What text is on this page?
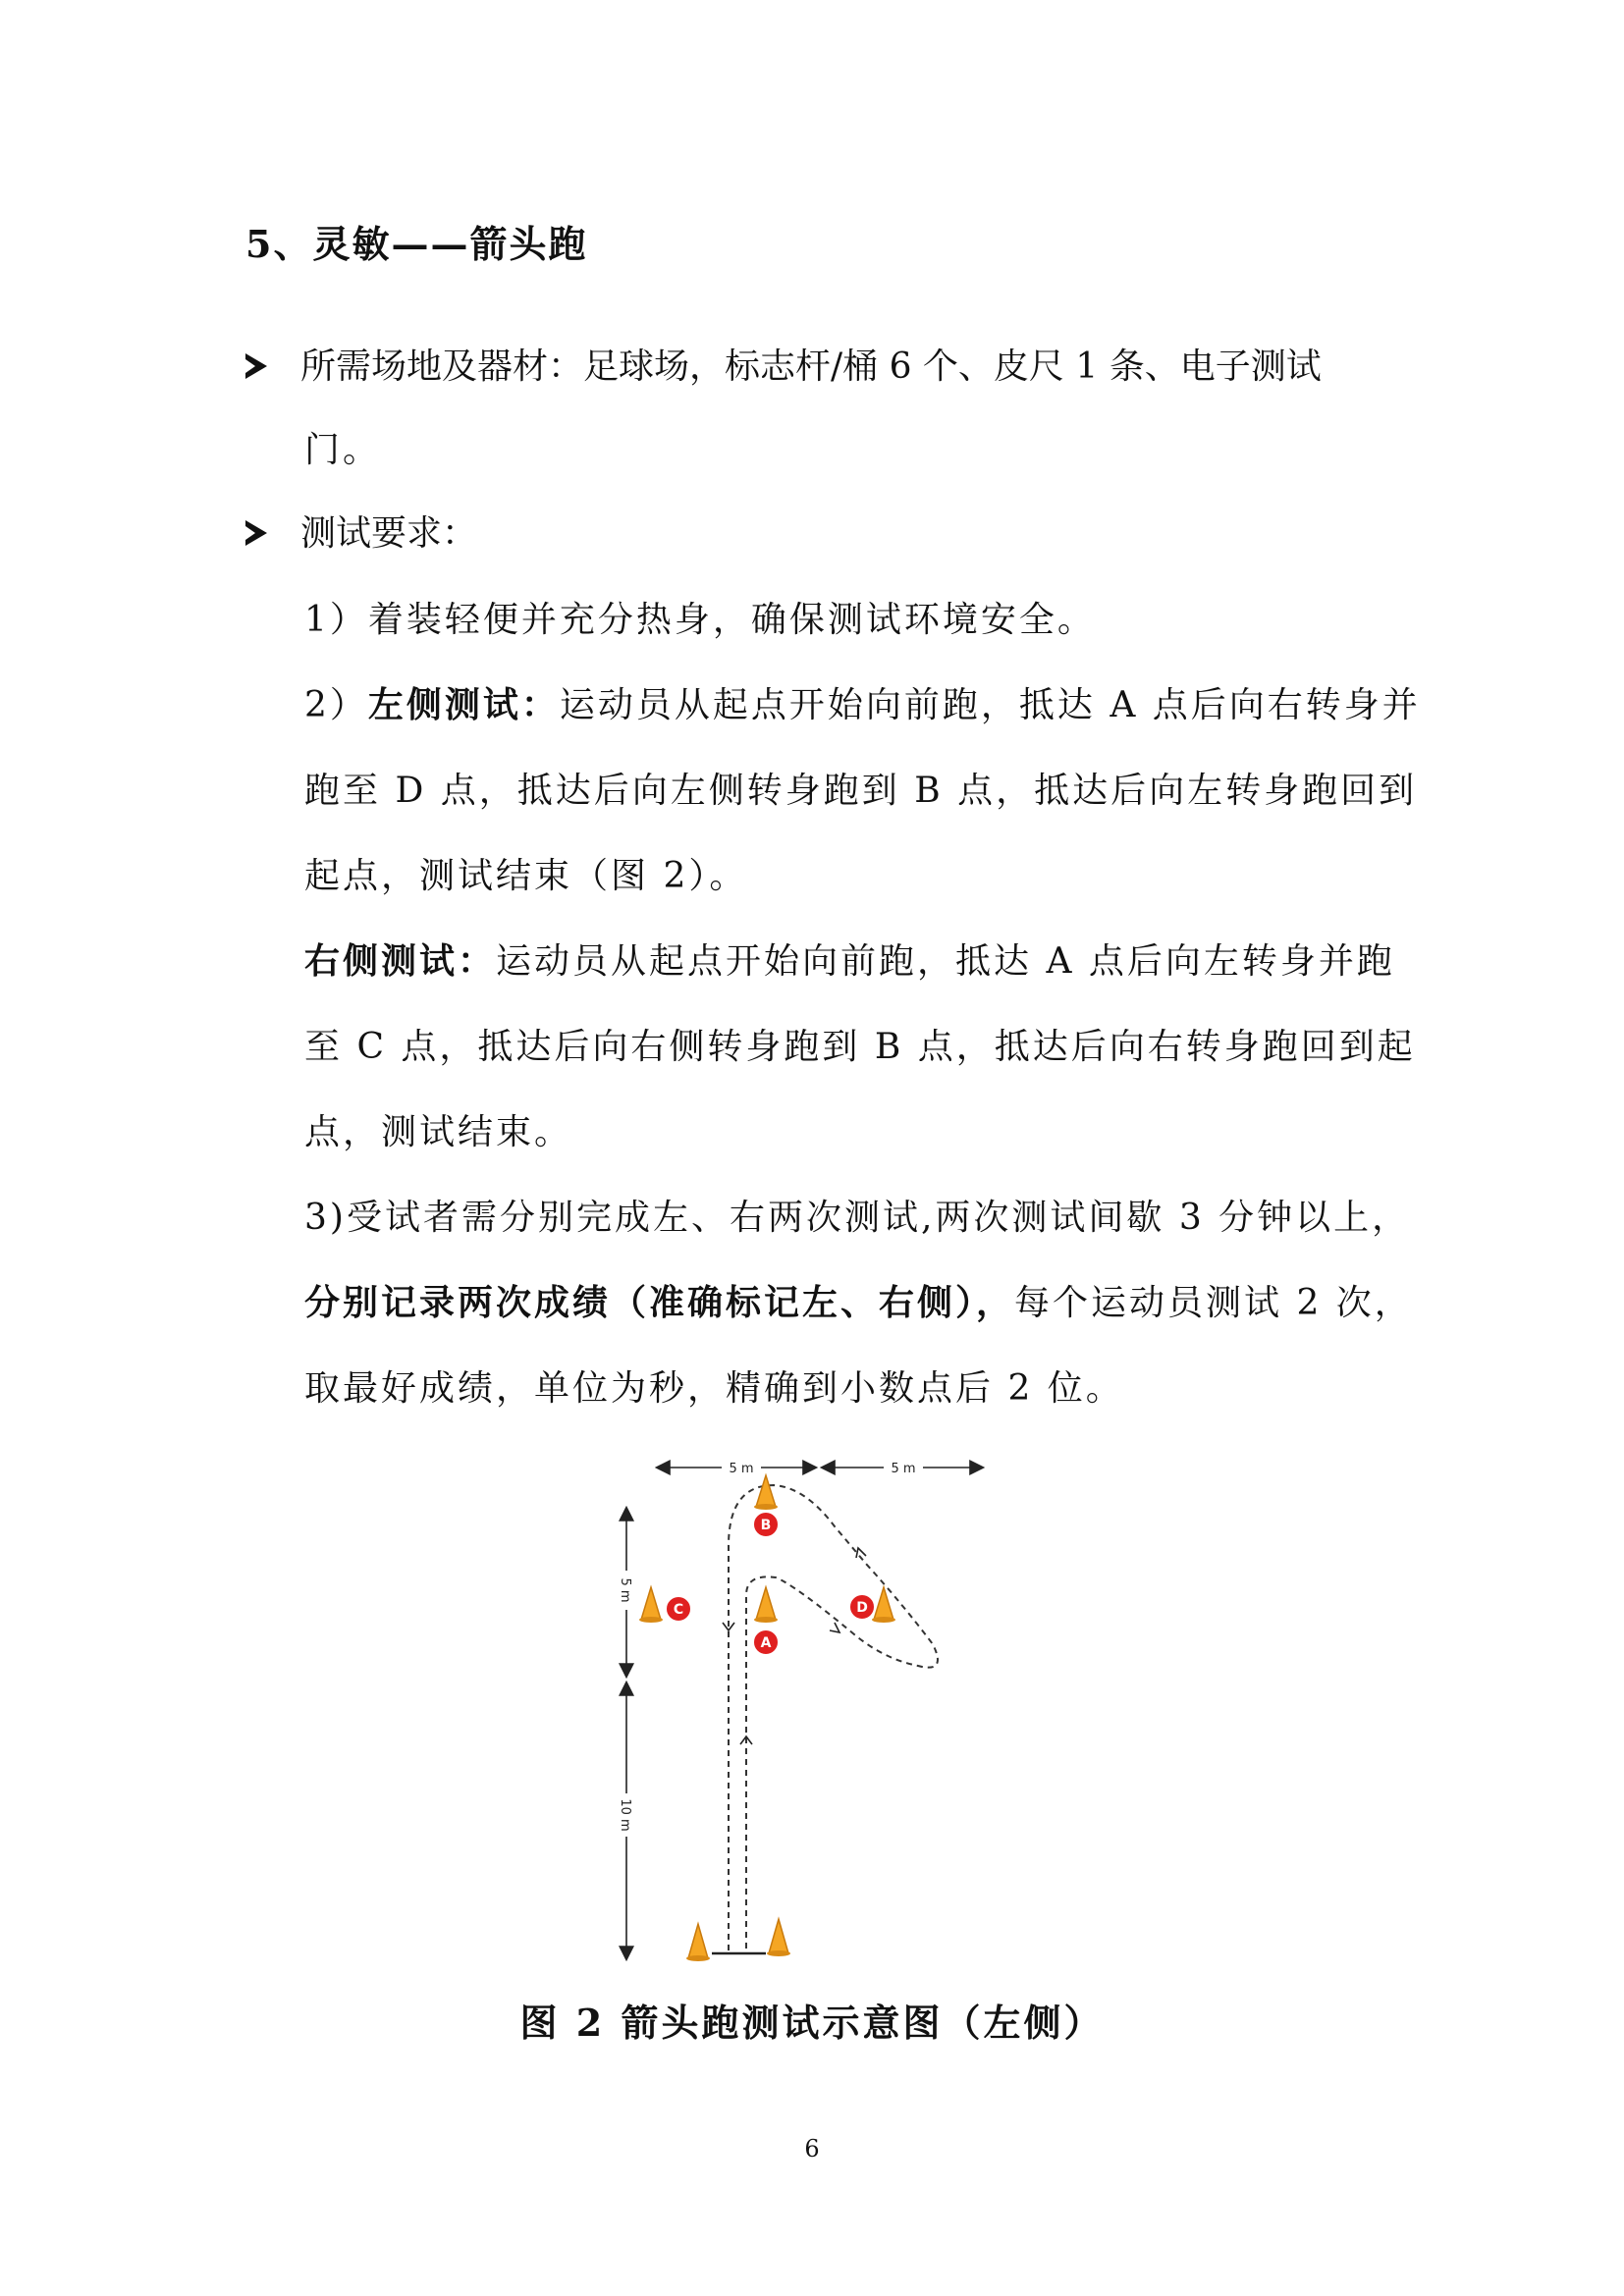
5、灵敏——箭头跑
所需场地及器材：足球场，标志杆/桶 6 个、皮尺 1 条、电子测试
门。
测试要求：
1）着装轻便并充分热身，确保测试环境安全。
2）左侧测试：运动员从起点开始向前跑，抵达 A 点后向右转身并
跑至 D 点，抵达后向左侧转身跑到 B 点，抵达后向左转身跑回到
起点，测试结束（图 2）。
右侧测试：运动员从起点开始向前跑，抵达 A 点后向左转身并跑
至 C 点，抵达后向右侧转身跑到 B 点，抵达后向右转身跑回到起
点，测试结束。
3)受试者需分别完成左、右两次测试,两次测试间歇 3 分钟以上，
分别记录两次成绩（准确标记左、右侧），每个运动员测试 2 次，
取最好成绩，单位为秒，精确到小数点后 2 位。
5 m	5 m
5 m
10 m
B
A
C	D
图 2 箭头跑测试示意图（左侧）
6
